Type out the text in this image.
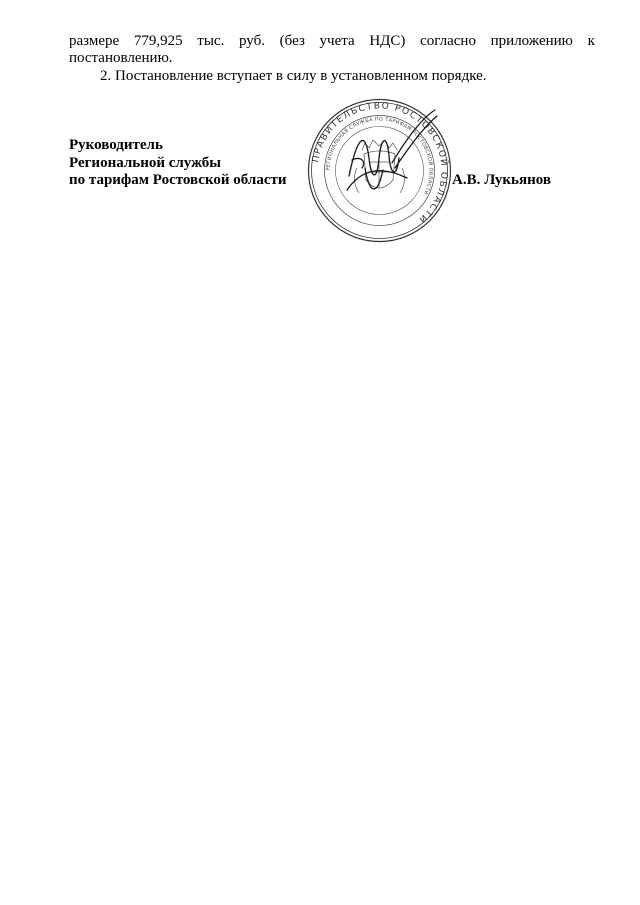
размере 779,925 тыс. руб. (без учета НДС) согласно приложению к
постановлению.
2. Постановление вступает в силу в установленном порядке.
Руководитель
Региональной службы
по тарифам Ростовской области	А.В. Лукьянов
ПРАВИТЕЛЬСТВО РОСТОВСКОЙ ОБЛАСТИ
РЕГИОНАЛЬНАЯ СЛУЖБА ПО ТАРИФАМ РОСТОВСКОЙ ОБЛАСТИ
